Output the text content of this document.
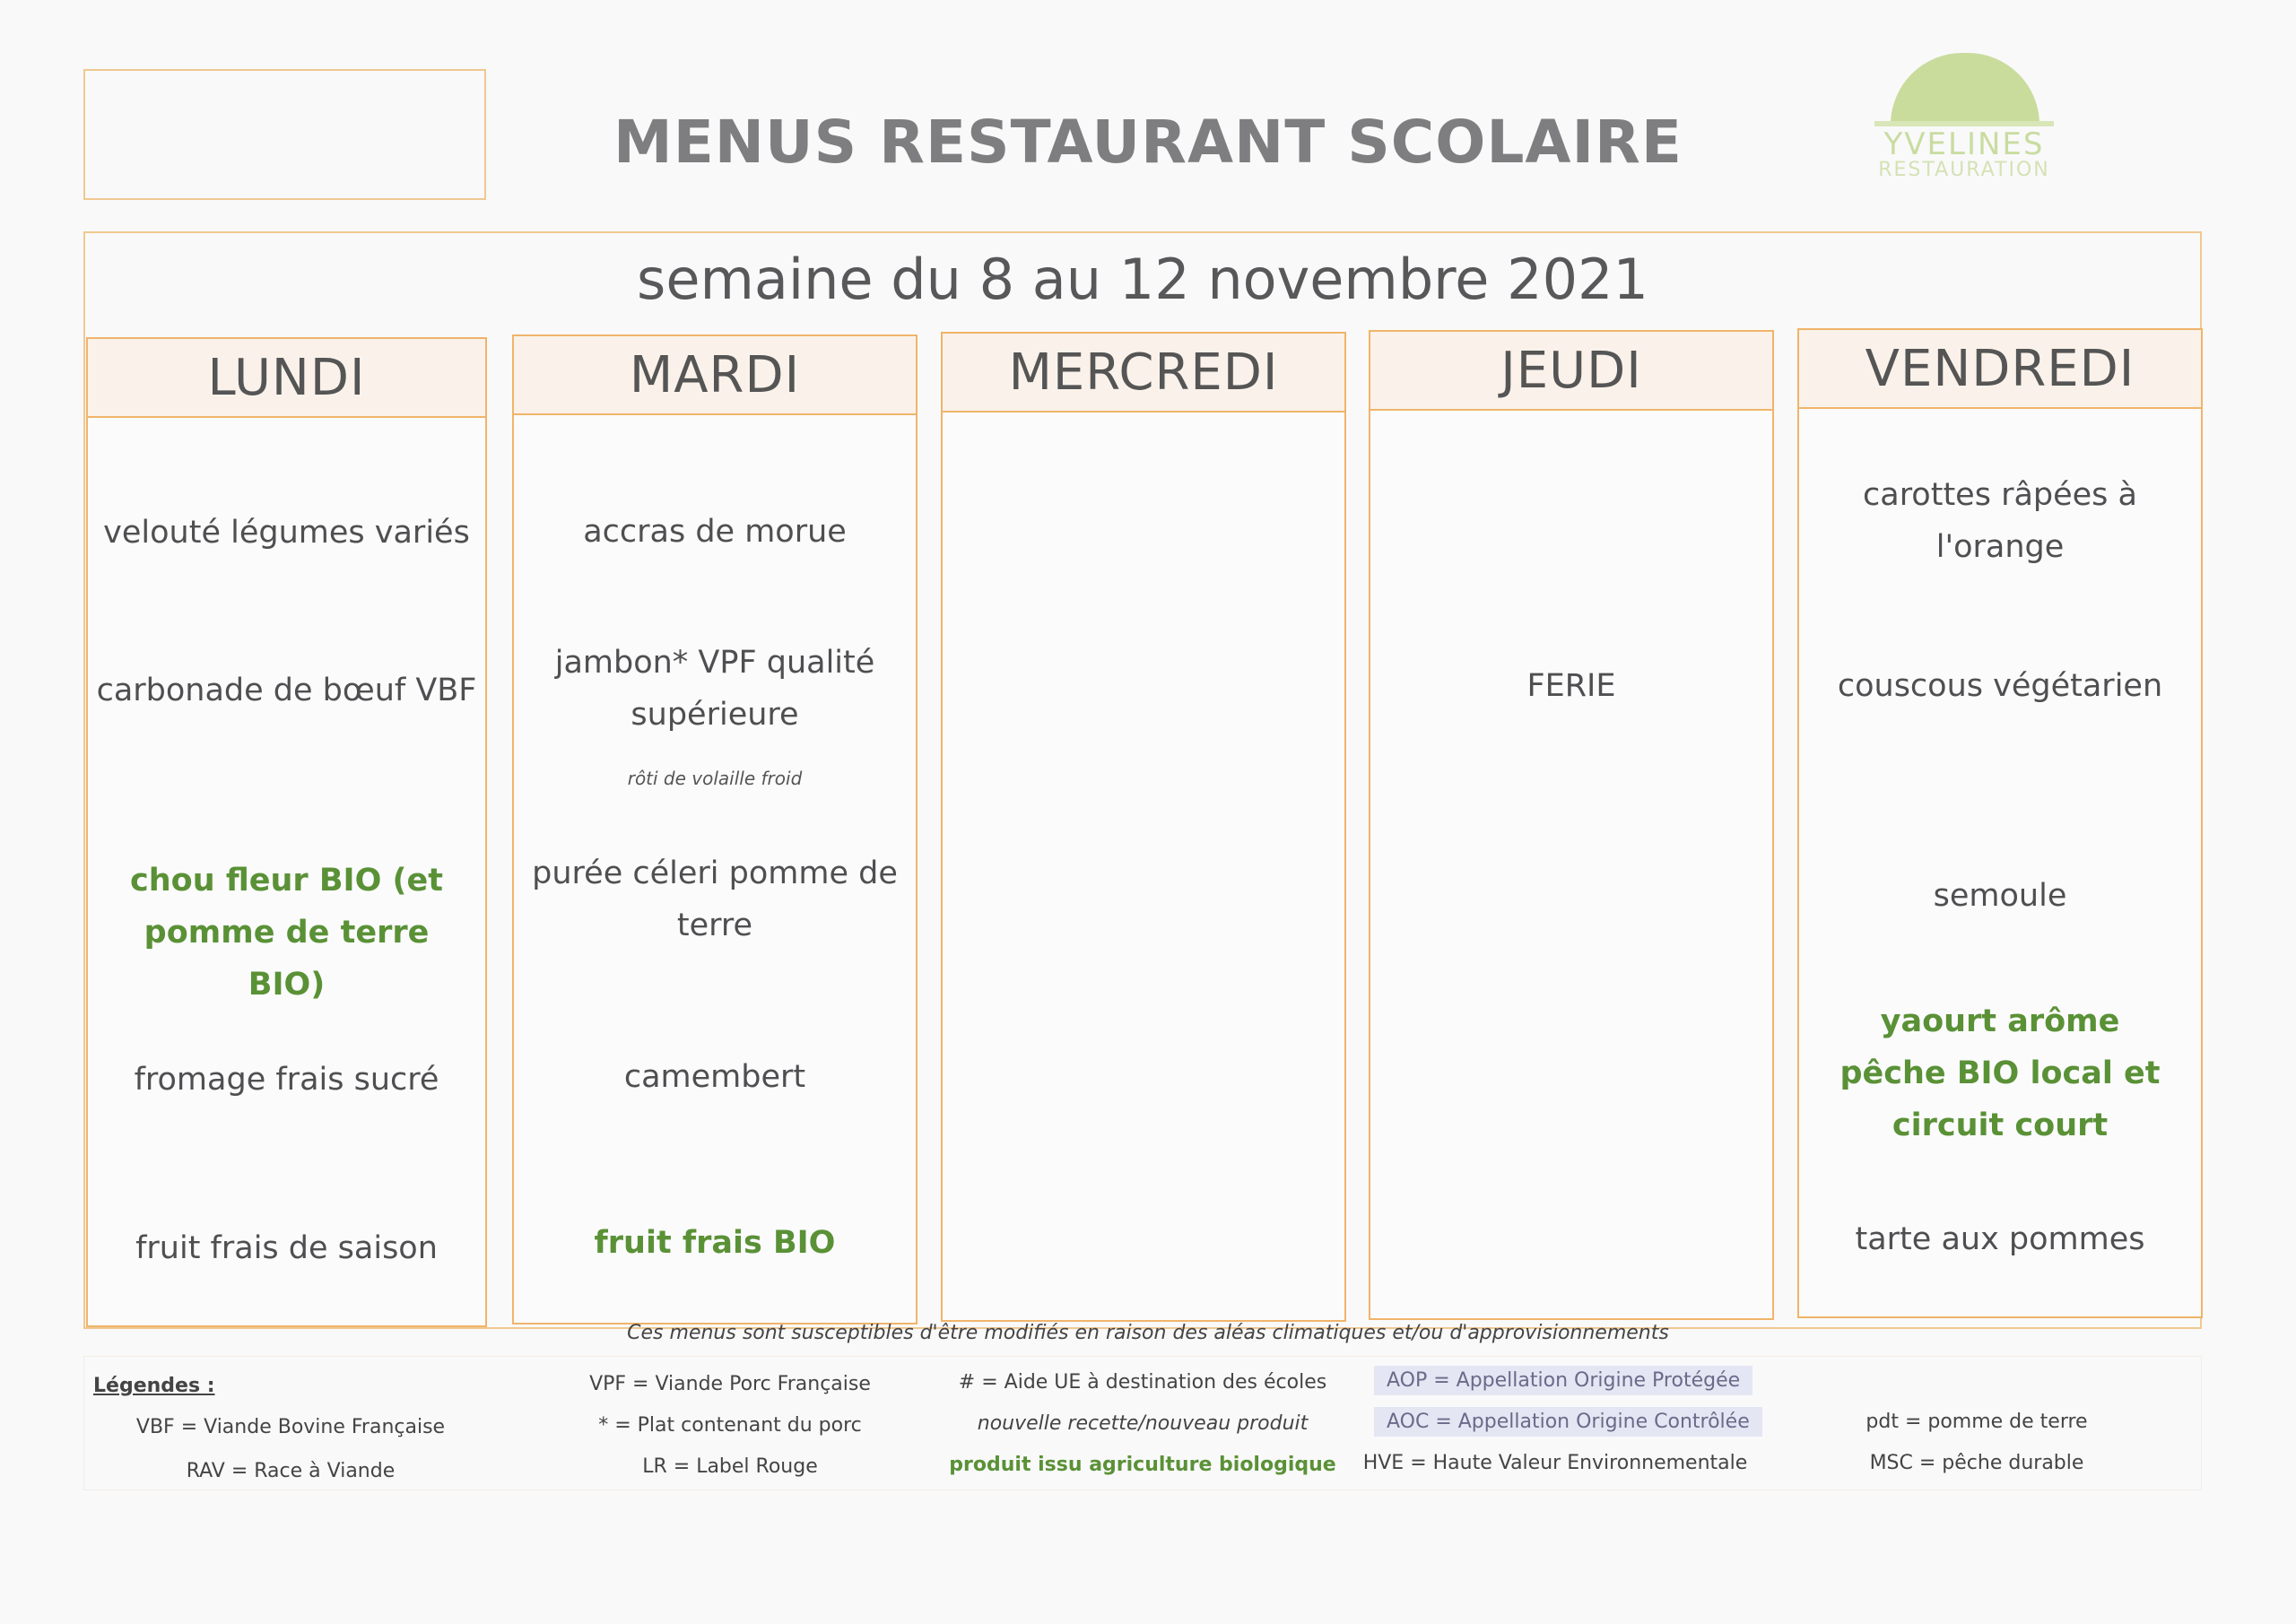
MENUS RESTAURANT SCOLAIRE	YVELINES
RESTAURATION
semaine du 8 au 12 novembre 2021
LUNDI
velouté légumes variés
carbonade de bœuf VBF
chou fleur BIO (et pomme de terre BIO)
fromage frais sucré
fruit frais de saison
MARDI
accras de morue
jambon* VPF qualité supérieure
rôti de volaille froid
purée céleri pomme de terre
camembert
fruit frais BIO
MERCREDI	JEUDI
FERIE
VENDREDI
carottes râpées à l'orange
couscous végétarien
semoule
yaourt arôme pêche BIO local et circuit court
tarte aux pommes
Ces menus sont susceptibles d'être modifiés en raison des aléas climatiques et/ou d'approvisionnements
Légendes :
VBF = Viande Bovine Française
RAV = Race à Viande
VPF = Viande Porc Française
* = Plat contenant du porc
LR = Label Rouge
# = Aide UE à destination des écoles
nouvelle recette/nouveau produit
produit issu agriculture biologique
AOP = Appellation Origine Protégée
AOC = Appellation Origine Contrôlée
HVE = Haute Valeur Environnementale
pdt = pomme de terre
MSC = pêche durable
